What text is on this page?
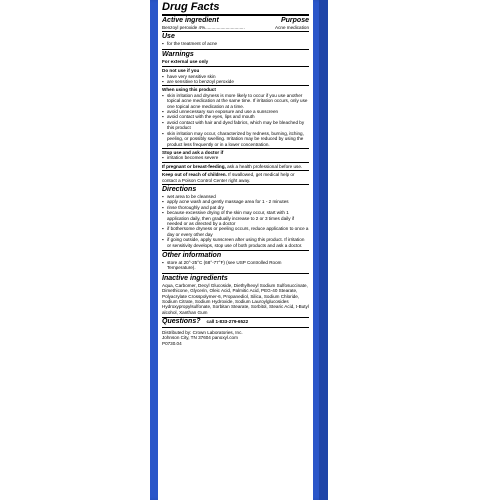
Drug Facts
Active ingredient	Purpose
Benzoyl peroxide 4% ...............................	Acne medication
Use
▪ for the treatment of acne
Warnings
For external use only
Do not use if you
▪ have very sensitive skin
▪ are sensitive to benzoyl peroxide
When using this product
▪ skin irritation and dryness is more likely to occur if you use another topical acne medication at the same time. If irritation occurs, only use one topical acne medication at a time.
▪ avoid unnecessary sun exposure and use a sunscreen
▪ avoid contact with the eyes, lips and mouth
▪ avoid contact with hair and dyed fabrics, which may be bleached by this product
▪ skin irritation may occur, characterized by redness, burning, itching, peeling, or possibly swelling. Irritation may be reduced by using the product less frequently or in a lower concentration.
Stop use and ask a doctor if
▪ irritation becomes severe
If pregnant or breast-feeding, ask a health professional before use.
Keep out of reach of children. If swallowed, get medical help or contact a Poison Control Center right away.
Directions
▪ wet area to be cleansed
▪ apply acne wash and gently massage area for 1 - 2 minutes
▪ rinse thoroughly and pat dry
▪ because excessive drying of the skin may occur, start with 1 application daily, then gradually increase to 2 or 3 times daily if needed or as directed by a doctor
▪ if bothersome dryness or peeling occurs, reduce application to once a day or every other day
▪ if going outside, apply sunscreen after using this product. If irritation or sensitivity develops, stop use of both products and ask a doctor.
Other information
▪ store at 20°-25°C (68°-77°F) (see USP Controlled Room Temperature).
Inactive ingredients
Aqua, Carbomer, Decyl Glucoside, Diethylhexyl Sodium Sulfosuccinate, Dimethicone, Glycerin, Oleic Acid, Palmitic Acid, PEG-40 Stearate, Polyacrylate Crosspolymer-6, Propanediol, Silica, Sodium Chloride, Sodium Citrate, Sodium Hydroxide, Sodium Lauroylglucosides Hydroxypropylsulfonate, Sorbitan Stearate, Sorbitol, Stearic Acid, t-Butyl alcohol, Xanthan Gum
Questions? call 1-833-279-6522
Distributed by: Crown Laboratories, Inc.
Johnson City, TN 37604 panoxyl.com
P0730.04
